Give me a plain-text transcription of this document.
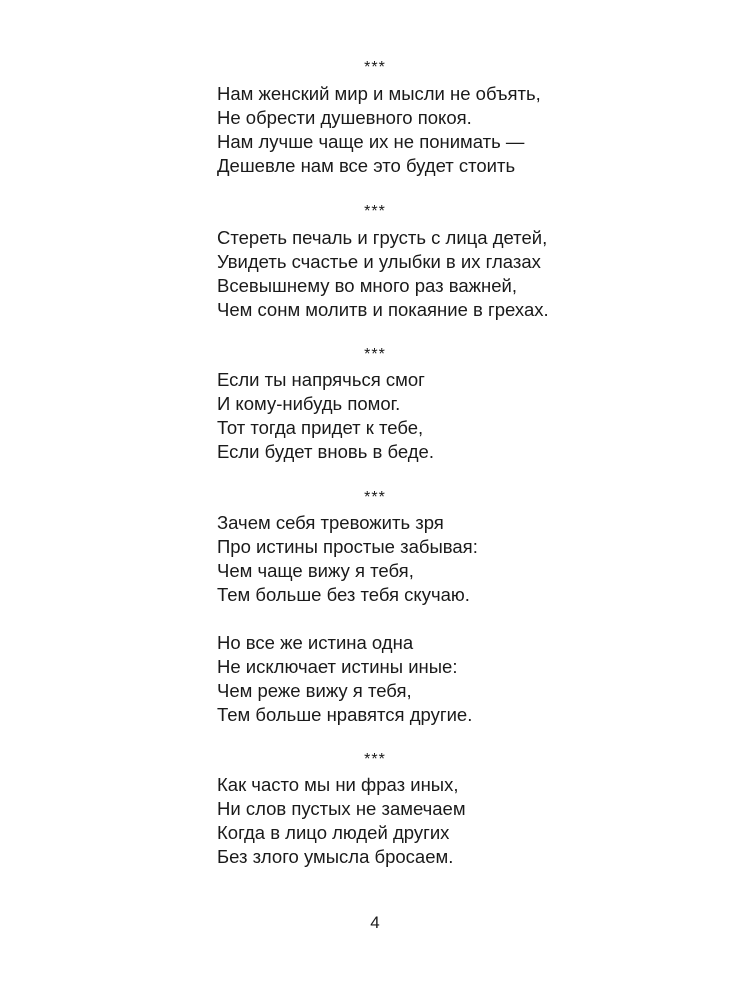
***
Нам женский мир и мысли не объять,
Не обрести душевного покоя.
Нам лучше чаще их не понимать —
Дешевле нам все это будет стоить
***
Стереть печаль и грусть с лица детей,
Увидеть счастье и улыбки в их глазах
Всевышнему во много раз важней,
Чем сонм молитв и покаяние в грехах.
***
Если ты напрячься смог
И кому-нибудь помог.
Тот тогда придет к тебе,
Если будет вновь в беде.
***
Зачем себя тревожить зря
Про истины простые забывая:
Чем чаще вижу я тебя,
Тем больше без тебя скучаю.
Но все же истина одна
Не исключает истины иные:
Чем реже вижу я тебя,
Тем больше нравятся другие.
***
Как часто мы ни фраз иных,
Ни слов пустых не замечаем
Когда в лицо людей других
Без злого умысла бросаем.
4
